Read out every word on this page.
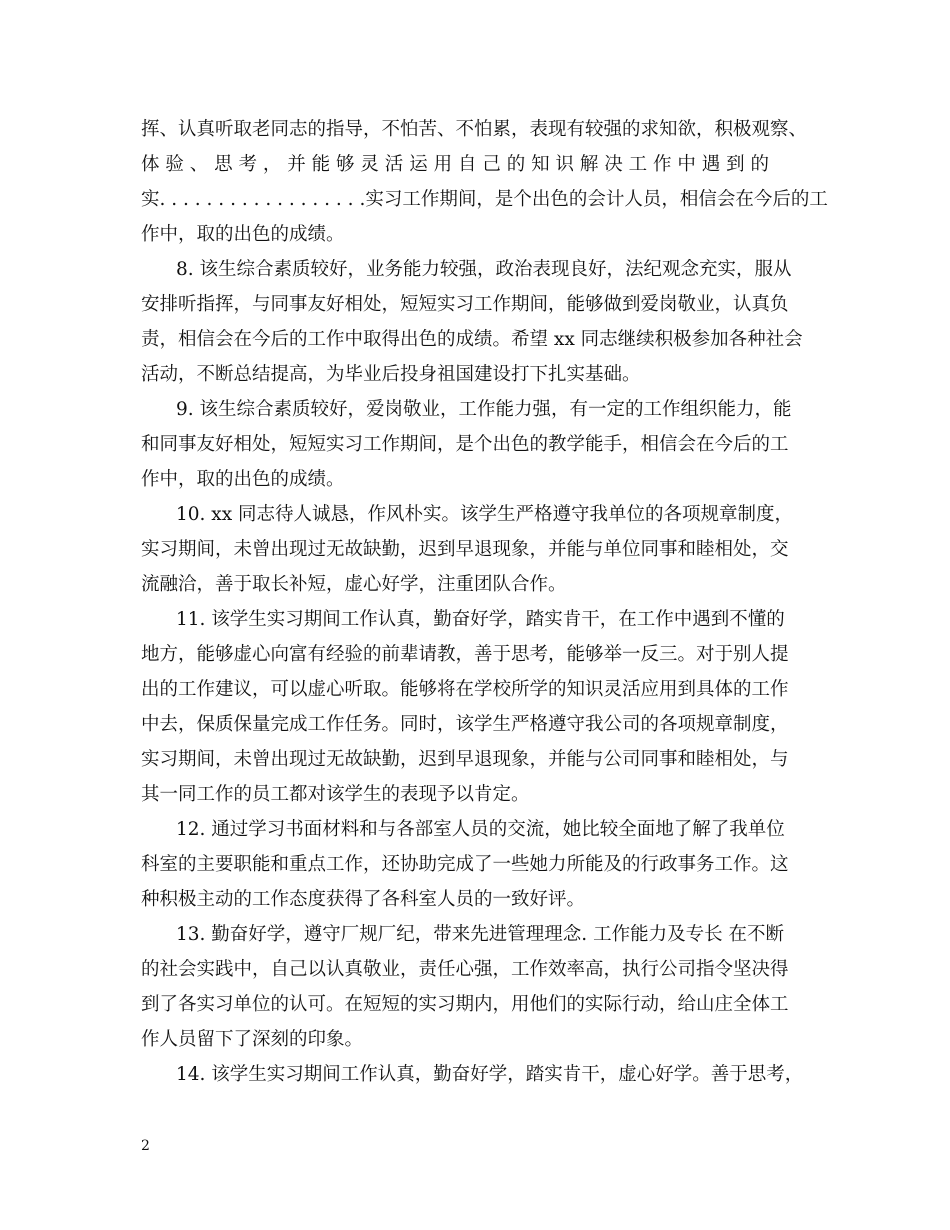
挥、认真听取老同志的指导，不怕苦、不怕累，表现有较强的求知欲，积极观察、
体 验 、 思 考 ， 并 能 够 灵 活 运 用 自 己 的 知 识 解 决 工 作 中 遇 到 的
实. . . . . . . . . . . . . . . . . .实习工作期间，是个出色的会计人员，相信会在今后的工
作中，取的出色的成绩。
8. 该生综合素质较好，业务能力较强，政治表现良好，法纪观念充实，服从
安排听指挥，与同事友好相处，短短实习工作期间，能够做到爱岗敬业，认真负
责，相信会在今后的工作中取得出色的成绩。希望 xx 同志继续积极参加各种社会
活动，不断总结提高，为毕业后投身祖国建设打下扎实基础。
9. 该生综合素质较好，爱岗敬业，工作能力强，有一定的工作组织能力，能
和同事友好相处，短短实习工作期间，是个出色的教学能手，相信会在今后的工
作中，取的出色的成绩。
10. xx 同志待人诚恳，作风朴实。该学生严格遵守我单位的各项规章制度，
实习期间，未曾出现过无故缺勤，迟到早退现象，并能与单位同事和睦相处，交
流融洽，善于取长补短，虚心好学，注重团队合作。
11. 该学生实习期间工作认真，勤奋好学，踏实肯干，在工作中遇到不懂的
地方，能够虚心向富有经验的前辈请教，善于思考，能够举一反三。对于别人提
出的工作建议，可以虚心听取。能够将在学校所学的知识灵活应用到具体的工作
中去，保质保量完成工作任务。同时，该学生严格遵守我公司的各项规章制度，
实习期间，未曾出现过无故缺勤，迟到早退现象，并能与公司同事和睦相处，与
其一同工作的员工都对该学生的表现予以肯定。
12. 通过学习书面材料和与各部室人员的交流，她比较全面地了解了我单位
科室的主要职能和重点工作，还协助完成了一些她力所能及的行政事务工作。这
种积极主动的工作态度获得了各科室人员的一致好评。
13. 勤奋好学，遵守厂规厂纪，带来先进管理理念. 工作能力及专长 在不断
的社会实践中，自己以认真敬业，责任心强，工作效率高，执行公司指令坚决得
到了各实习单位的认可。在短短的实习期内，用他们的实际行动，给山庄全体工
作人员留下了深刻的印象。
14. 该学生实习期间工作认真，勤奋好学，踏实肯干，虚心好学。善于思考，
2
